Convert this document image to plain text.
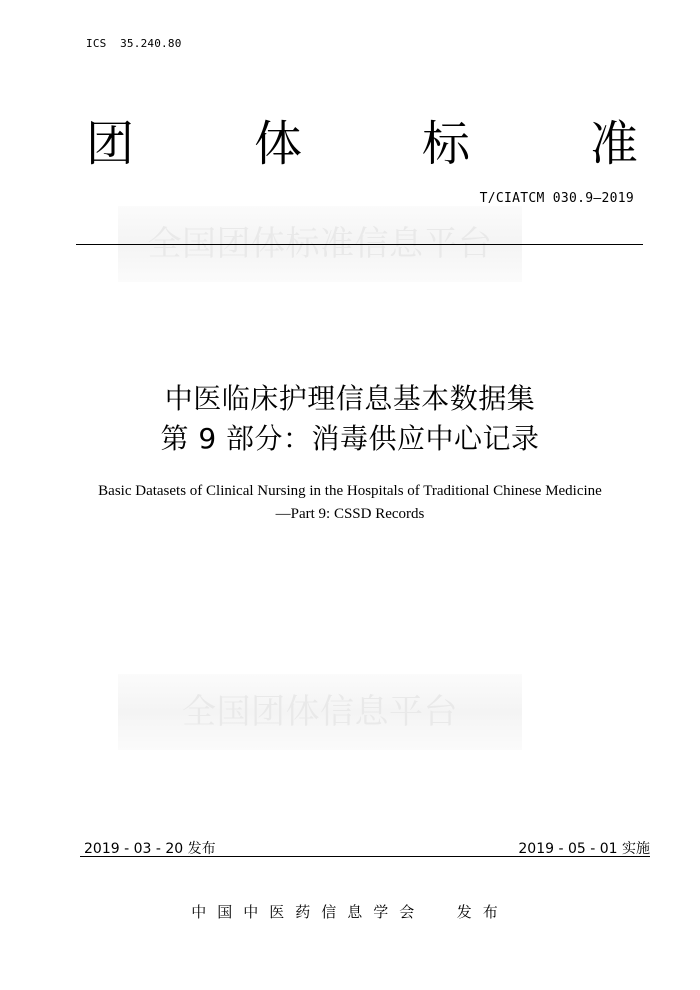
ICS  35.240.80
全国团体标准信息平台
团 体 标 准
T/CIATCM 030.9—2019
中医临床护理信息基本数据集
第 9 部分：消毒供应中心记录
Basic Datasets of Clinical Nursing in the Hospitals of Traditional Chinese Medicine
—Part 9: CSSD Records
全国团体信息平台
2019 - 03 - 20 发布	2019 - 05 - 01 实施
中国中医药信息学会  发布
